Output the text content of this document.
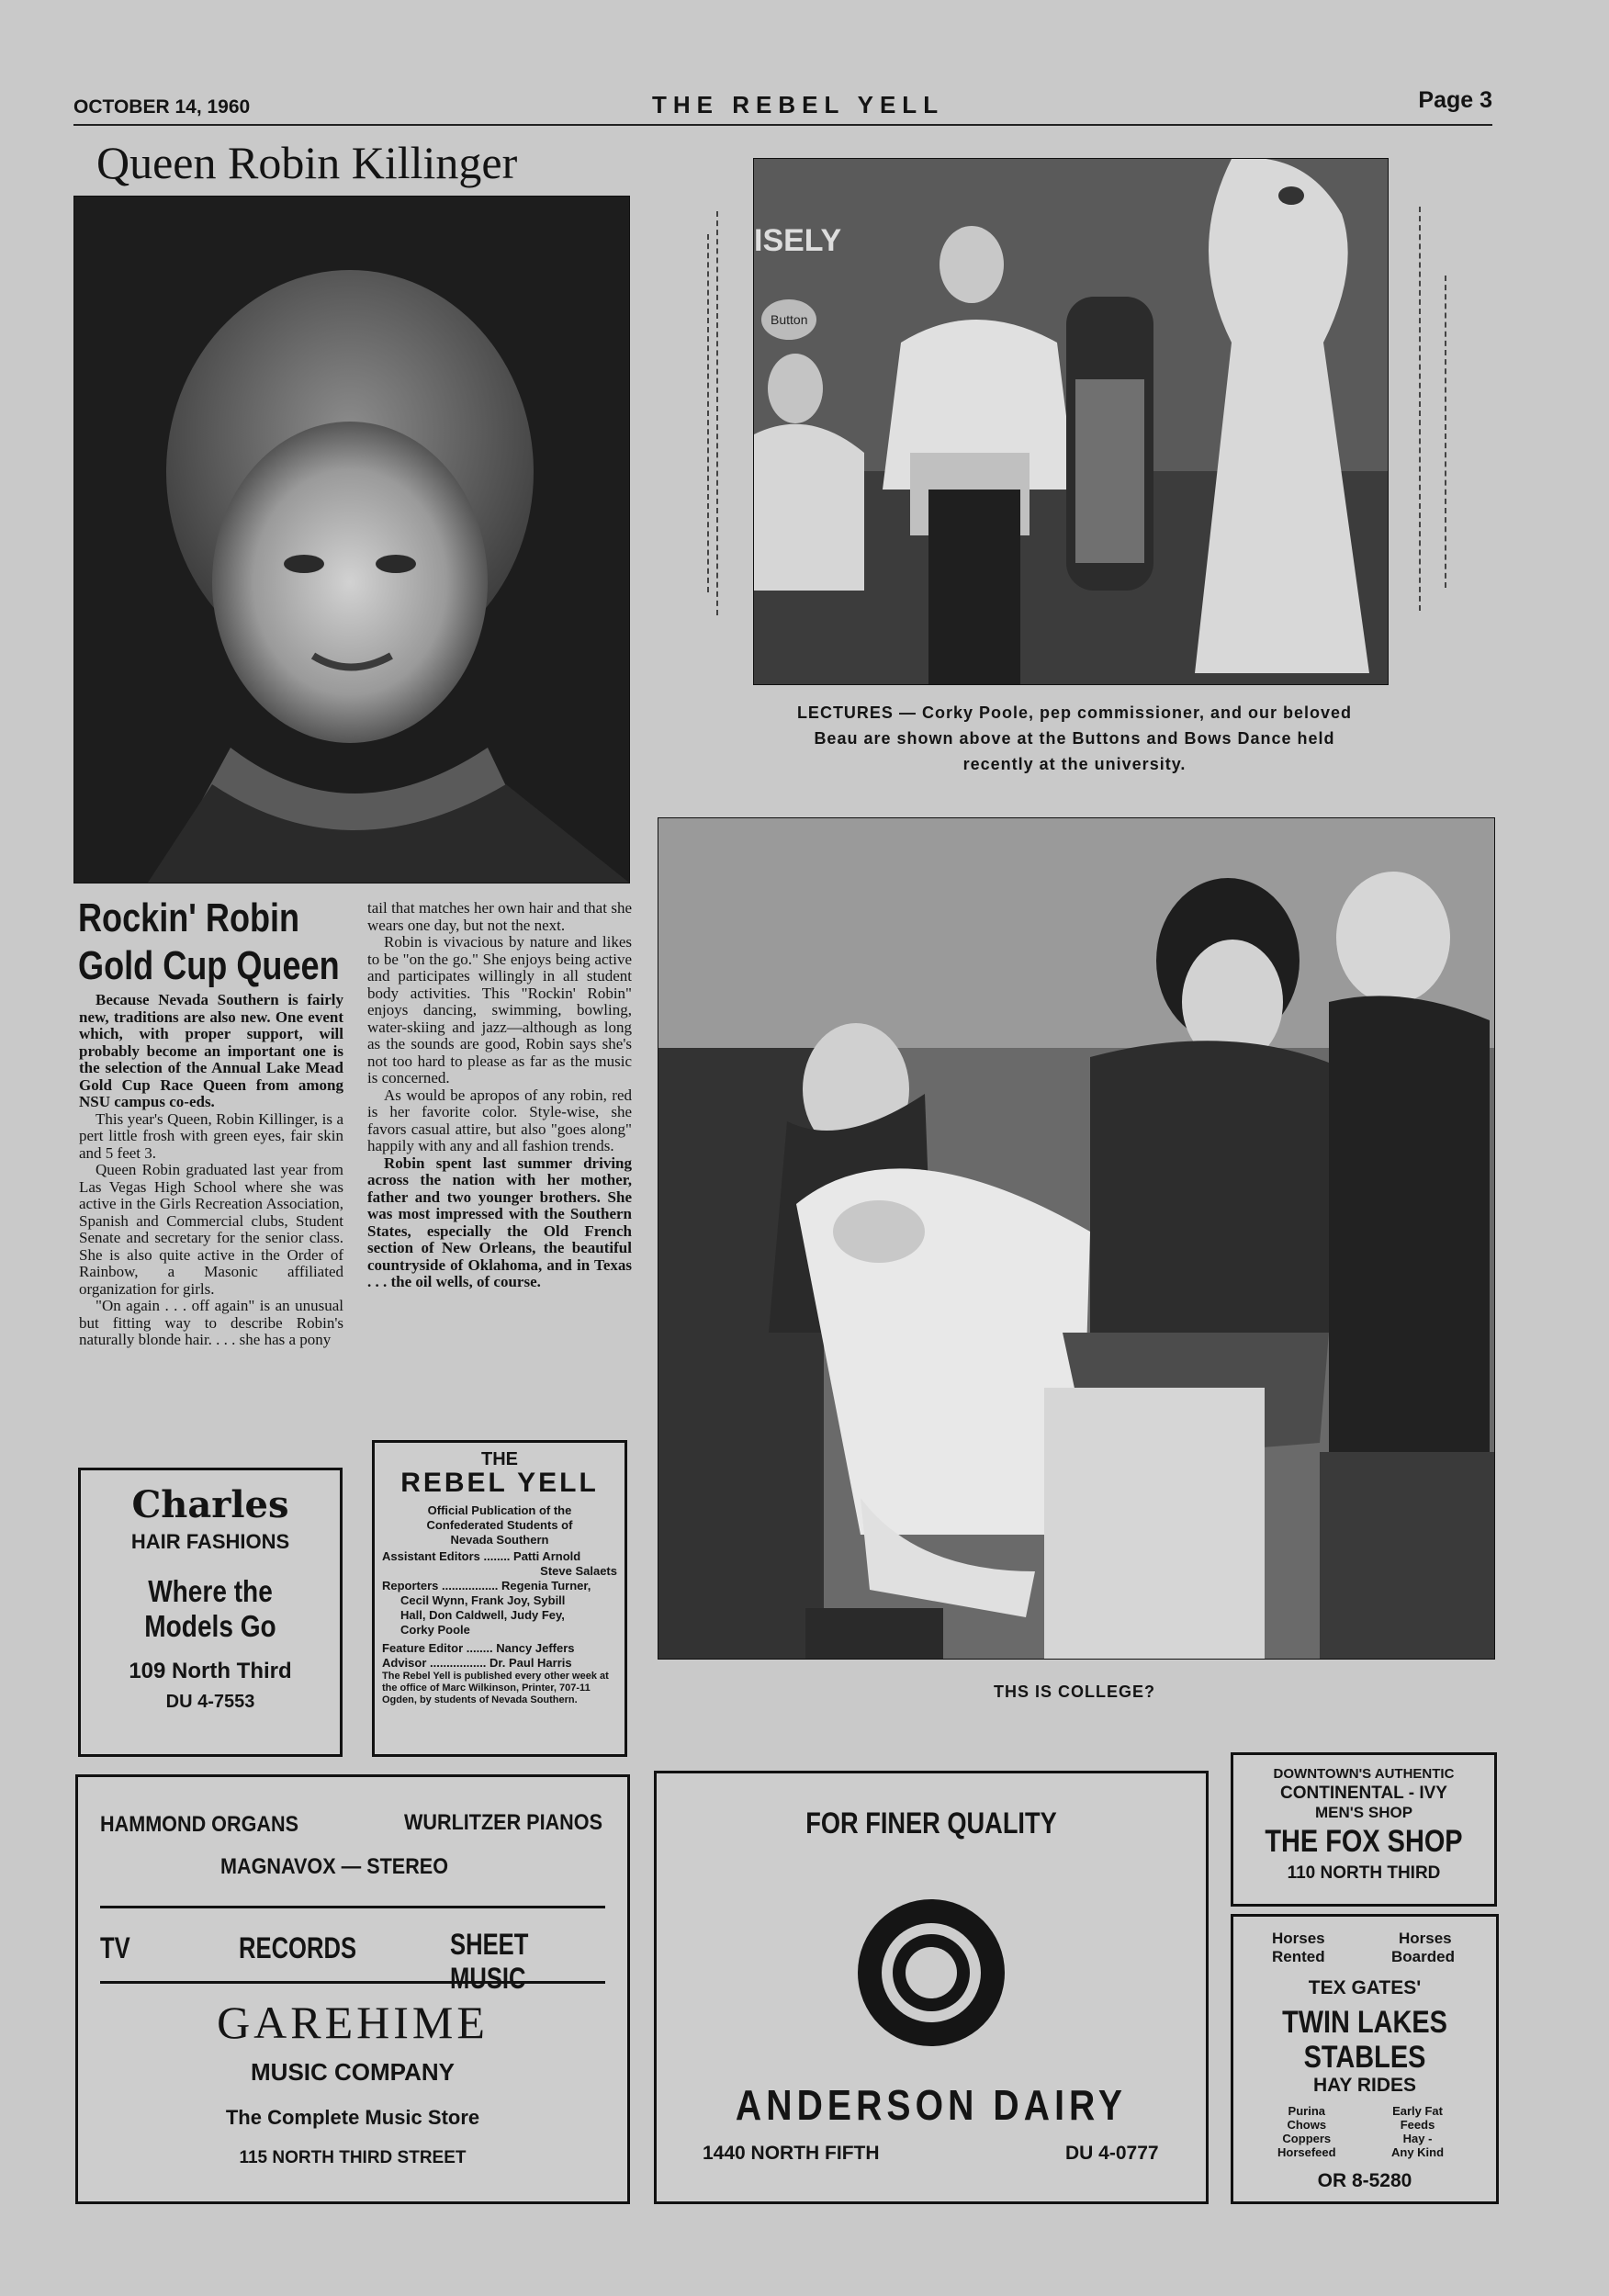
OCTOBER 14, 1960	THE REBEL YELL	Page 3
Queen Robin Killinger
ISELY
Button
LECTURES — Corky Poole, pep commissioner, and our beloved Beau are shown above at the Buttons and Bows Dance held recently at the university.
THS IS COLLEGE?
Rockin' Robin
Gold Cup Queen

Because Nevada Southern is fairly new, traditions are also new. One event which, with proper support, will probably become an important one is the selection of the Annual Lake Mead Gold Cup Race Queen from among NSU campus co-eds.

This year's Queen, Robin Killinger, is a pert little frosh with green eyes, fair skin and 5 feet 3.

Queen Robin graduated last year from Las Vegas High School where she was active in the Girls Recreation Association, Spanish and Commercial clubs, Student Senate and secretary for the senior class. She is also quite active in the Order of Rainbow, a Masonic affiliated organization for girls.

"On again . . . off again" is an unusual but fitting way to describe Robin's naturally blonde hair. . . . she has a pony

tail that matches her own hair and that she wears one day, but not the next.

Robin is vivacious by nature and likes to be "on the go." She enjoys being active and participates willingly in all student body activities. This "Rockin' Robin" enjoys dancing, swimming, bowling, water-skiing and jazz—although as long as the sounds are good, Robin says she's not too hard to please as far as the music is concerned.

As would be apropos of any robin, red is her favorite color. Style-wise, she favors casual attire, but also "goes along" happily with any and all fashion trends.

Robin spent last summer driving across the nation with her mother, father and two younger brothers. She was most impressed with the Southern States, especially the Old French section of New Orleans, the beautiful countryside of Oklahoma, and in Texas . . . the oil wells, of course.

Charles
HAIR FASHIONS
Where the
Models Go
109 North Third
DU 4-7553
THE
REBEL YELL
Official Publication of the
Confederated Students of
Nevada Southern
Assistant Editors ........ Patti Arnold
Steve Salaets
Reporters ................. Regenia Turner,
Cecil Wynn, Frank Joy, Sybill
Hall, Don Caldwell, Judy Fey,
Corky Poole
Feature Editor ........ Nancy Jeffers
Advisor ................. Dr. Paul Harris
The Rebel Yell is published every other week at the office of Marc Wilkinson, Printer, 707-11 Ogden, by students of Nevada Southern.
HAMMOND ORGANS	WURLITZER PIANOS
MAGNAVOX — STEREO
TV	RECORDS	SHEET MUSIC
GAREHIME
MUSIC COMPANY
The Complete Music Store
115 NORTH THIRD STREET
FOR FINER QUALITY
ANDERSON DAIRY
1440 NORTH FIFTH	DU 4-0777
DOWNTOWN'S AUTHENTIC
CONTINENTAL - IVY
MEN'S SHOP
THE FOX SHOP
110 NORTH THIRD
Horses
Rented
Horses
Boarded
TEX GATES'
TWIN LAKES
STABLES
HAY RIDES
Purina
Chows
Coppers
Horsefeed
Early Fat
Feeds
Hay -
Any Kind
OR 8-5280
